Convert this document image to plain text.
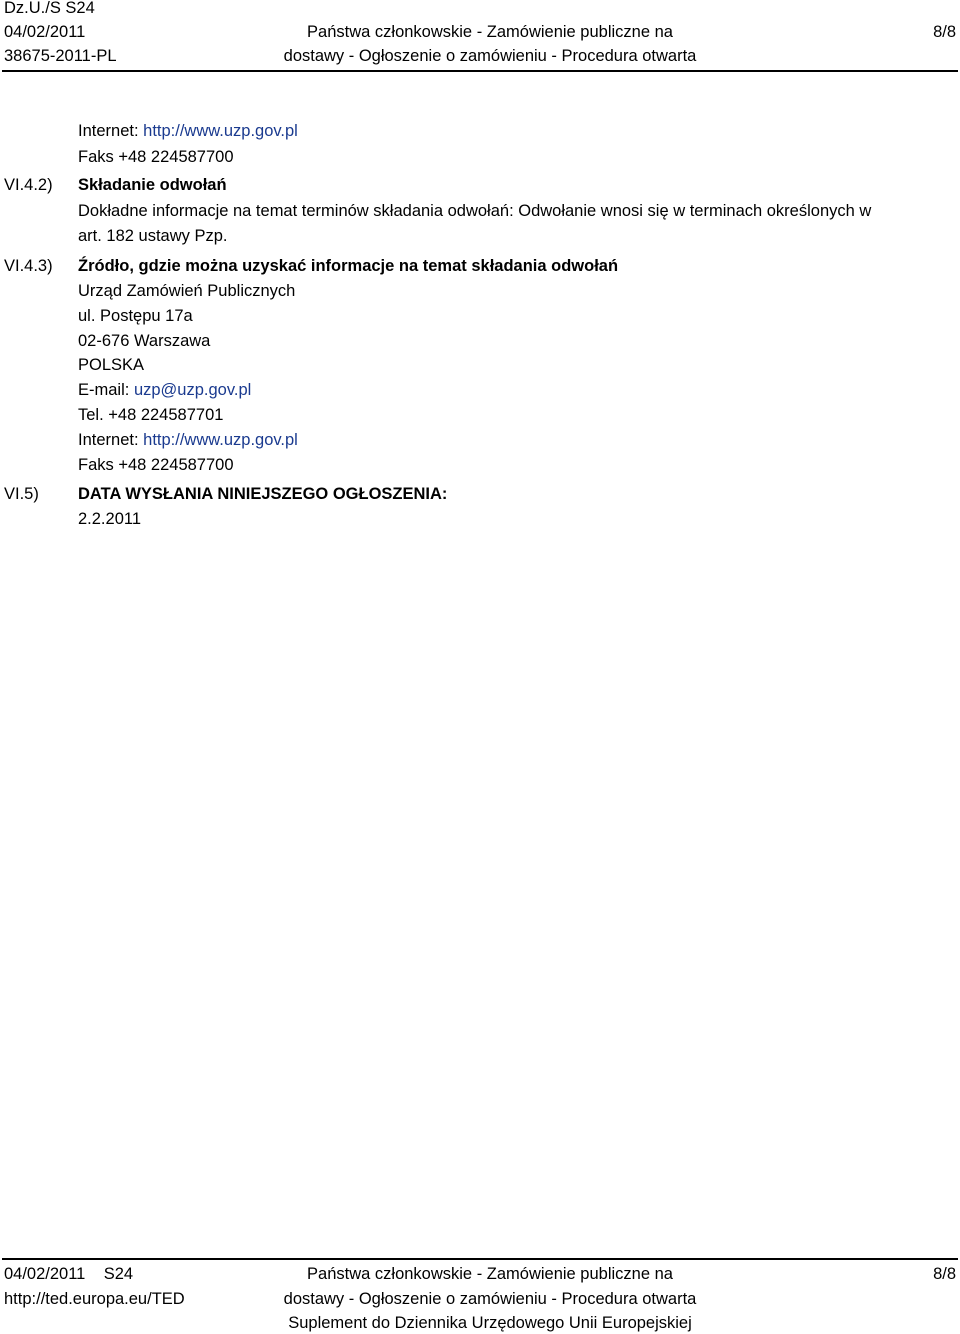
Dz.U./S S24
04/02/2011
38675-2011-PL
Państwa członkowskie - Zamówienie publiczne na
dostawy - Ogłoszenie o zamówieniu - Procedura otwarta
8/8
Internet: http://www.uzp.gov.pl
Faks +48 224587700
VI.4.2) Składanie odwołań
Dokładne informacje na temat terminów składania odwołań: Odwołanie wnosi się w terminach określonych w
art. 182 ustawy Pzp.
VI.4.3) Źródło, gdzie można uzyskać informacje na temat składania odwołań
Urząd Zamówień Publicznych
ul. Postępu 17a
02-676 Warszawa
POLSKA
E-mail: uzp@uzp.gov.pl
Tel. +48 224587701
Internet: http://www.uzp.gov.pl
Faks +48 224587700
VI.5) DATA WYSŁANIA NINIEJSZEGO OGŁOSZENIA:
2.2.2011
04/02/2011 S24
http://ted.europa.eu/TED
Państwa członkowskie - Zamówienie publiczne na
dostawy - Ogłoszenie o zamówieniu - Procedura otwarta
Suplement do Dziennika Urzędowego Unii Europejskiej
8/8
